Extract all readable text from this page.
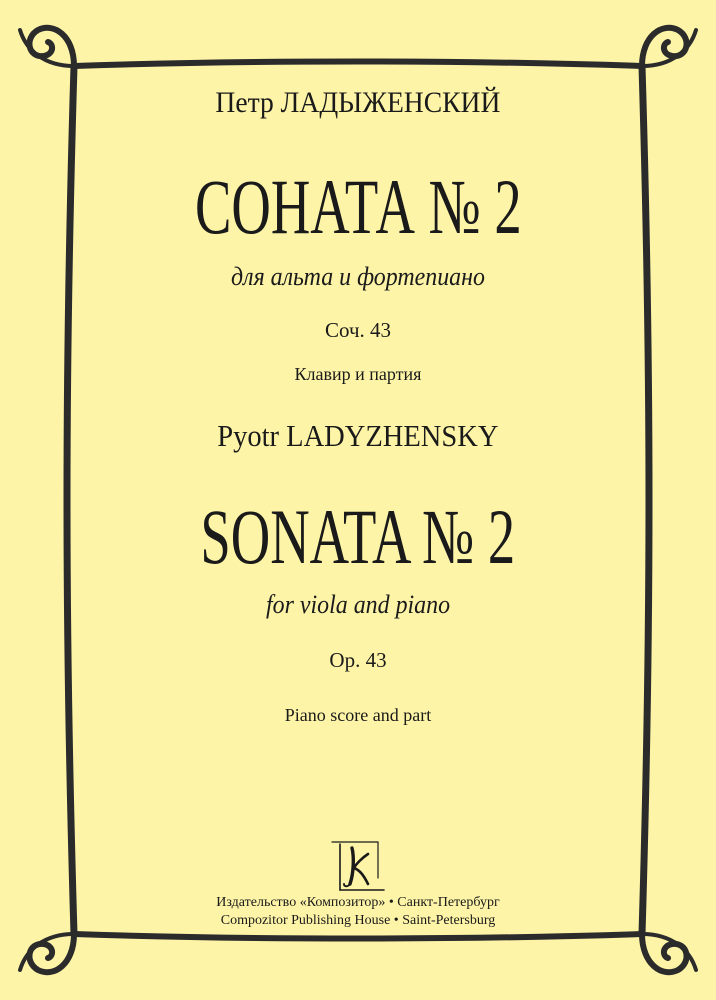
Петр ЛАДЫЖЕНСКИЙ
СОНАТА № 2
для альта и фортепиано
Соч. 43
Клавир и партия
Pyotr LADYZHENSKY
SONATA № 2
for viola and piano
Op. 43
Piano score and part
Издательство «Композитор» • Санкт-Петербург
Compozitor Publishing House • Saint-Petersburg
